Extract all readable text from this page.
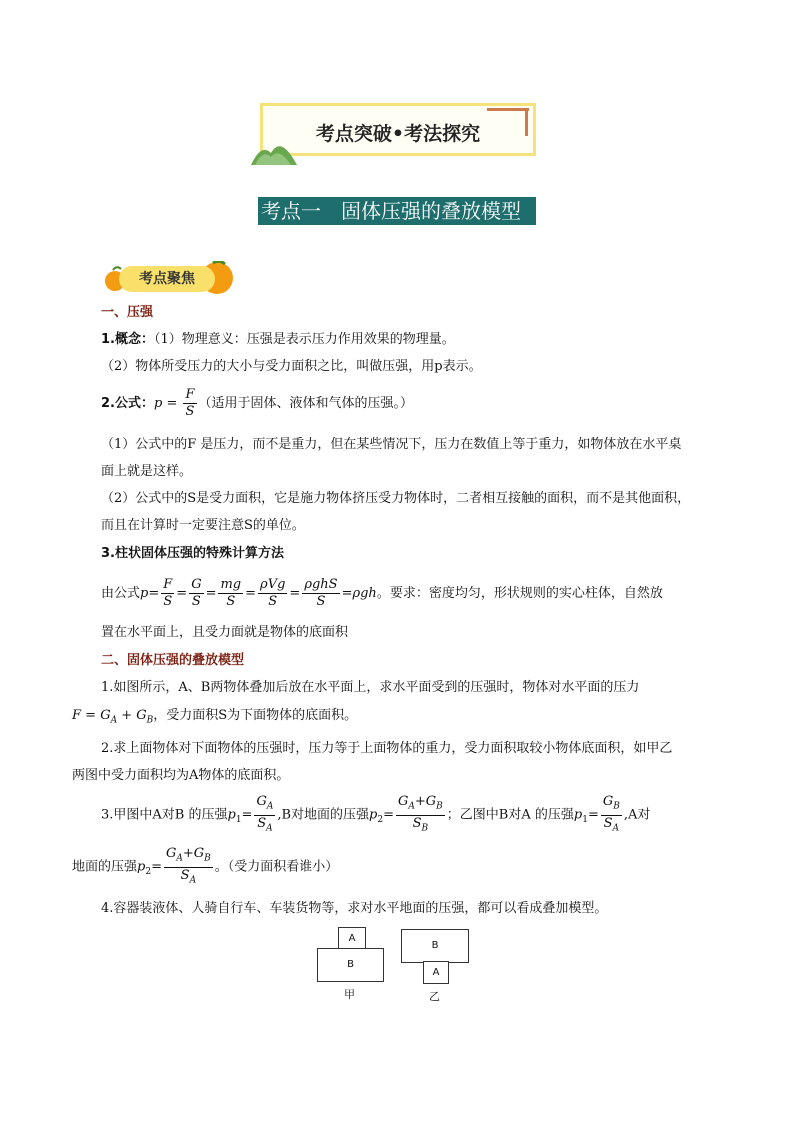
考点突破•考法探究
考点一 固体压强的叠放模型
考点聚焦
一、压强
1.概念：（1）物理意义：压强是表示压力作用效果的物理量。
（2）物体所受压力的大小与受力面积之比，叫做压强，用p表示。
2.公式：$p = \frac{F}{S}$ （适用于固体、液体和气体的压强。）
（1）公式中的F 是压力，而不是重力，但在某些情况下，压力在数值上等于重力，如物体放在水平桌
面上就是这样。
（2）公式中的S是受力面积，它是施力物体挤压受力物体时，二者相互接触的面积，而不是其他面积，
而且在计算时一定要注意S的单位。
3.柱状固体压强的特殊计算方法
由公式$p= \frac{F}{S} = \frac{G}{S} = \frac{mg}{S} = \frac{\text{ρVg}}{S} = \frac{\text{ρghS}}{S} =\rho gh$。要求：密度均匀，形状规则的实心柱体，自然放
置在水平面上，且受力面就是物体的底面积
二、固体压强的叠放模型
1.如图所示，A、B两物体叠加后放在水平面上，求水平面受到的压强时，物体对水平面的压力
$F = G_A + G_B$，受力面积S为下面物体的底面积。
2.求上面物体对下面物体的压强时，压力等于上面物体的重力，受力面积取较小物体底面积，如甲乙
两图中受力面积均为A物体的底面积。
3.甲图中A对B 的压强$p_1= \frac{G_A}{S_A} ,B$对地面的压强$p_2= \frac{G_A+G_B}{S_B}$ ；乙图中B对A 的压强$p_1= \frac{G_B}{S_A} ,A$对
地面的压强$p_2= \frac{G_A+G_B}{S_A}$ 。（受力面积看谁小）
4.容器装液体、人骑自行车、车装货物等，求对水平地面的压强，都可以看成叠加模型。
A
B
甲
B
A
乙
